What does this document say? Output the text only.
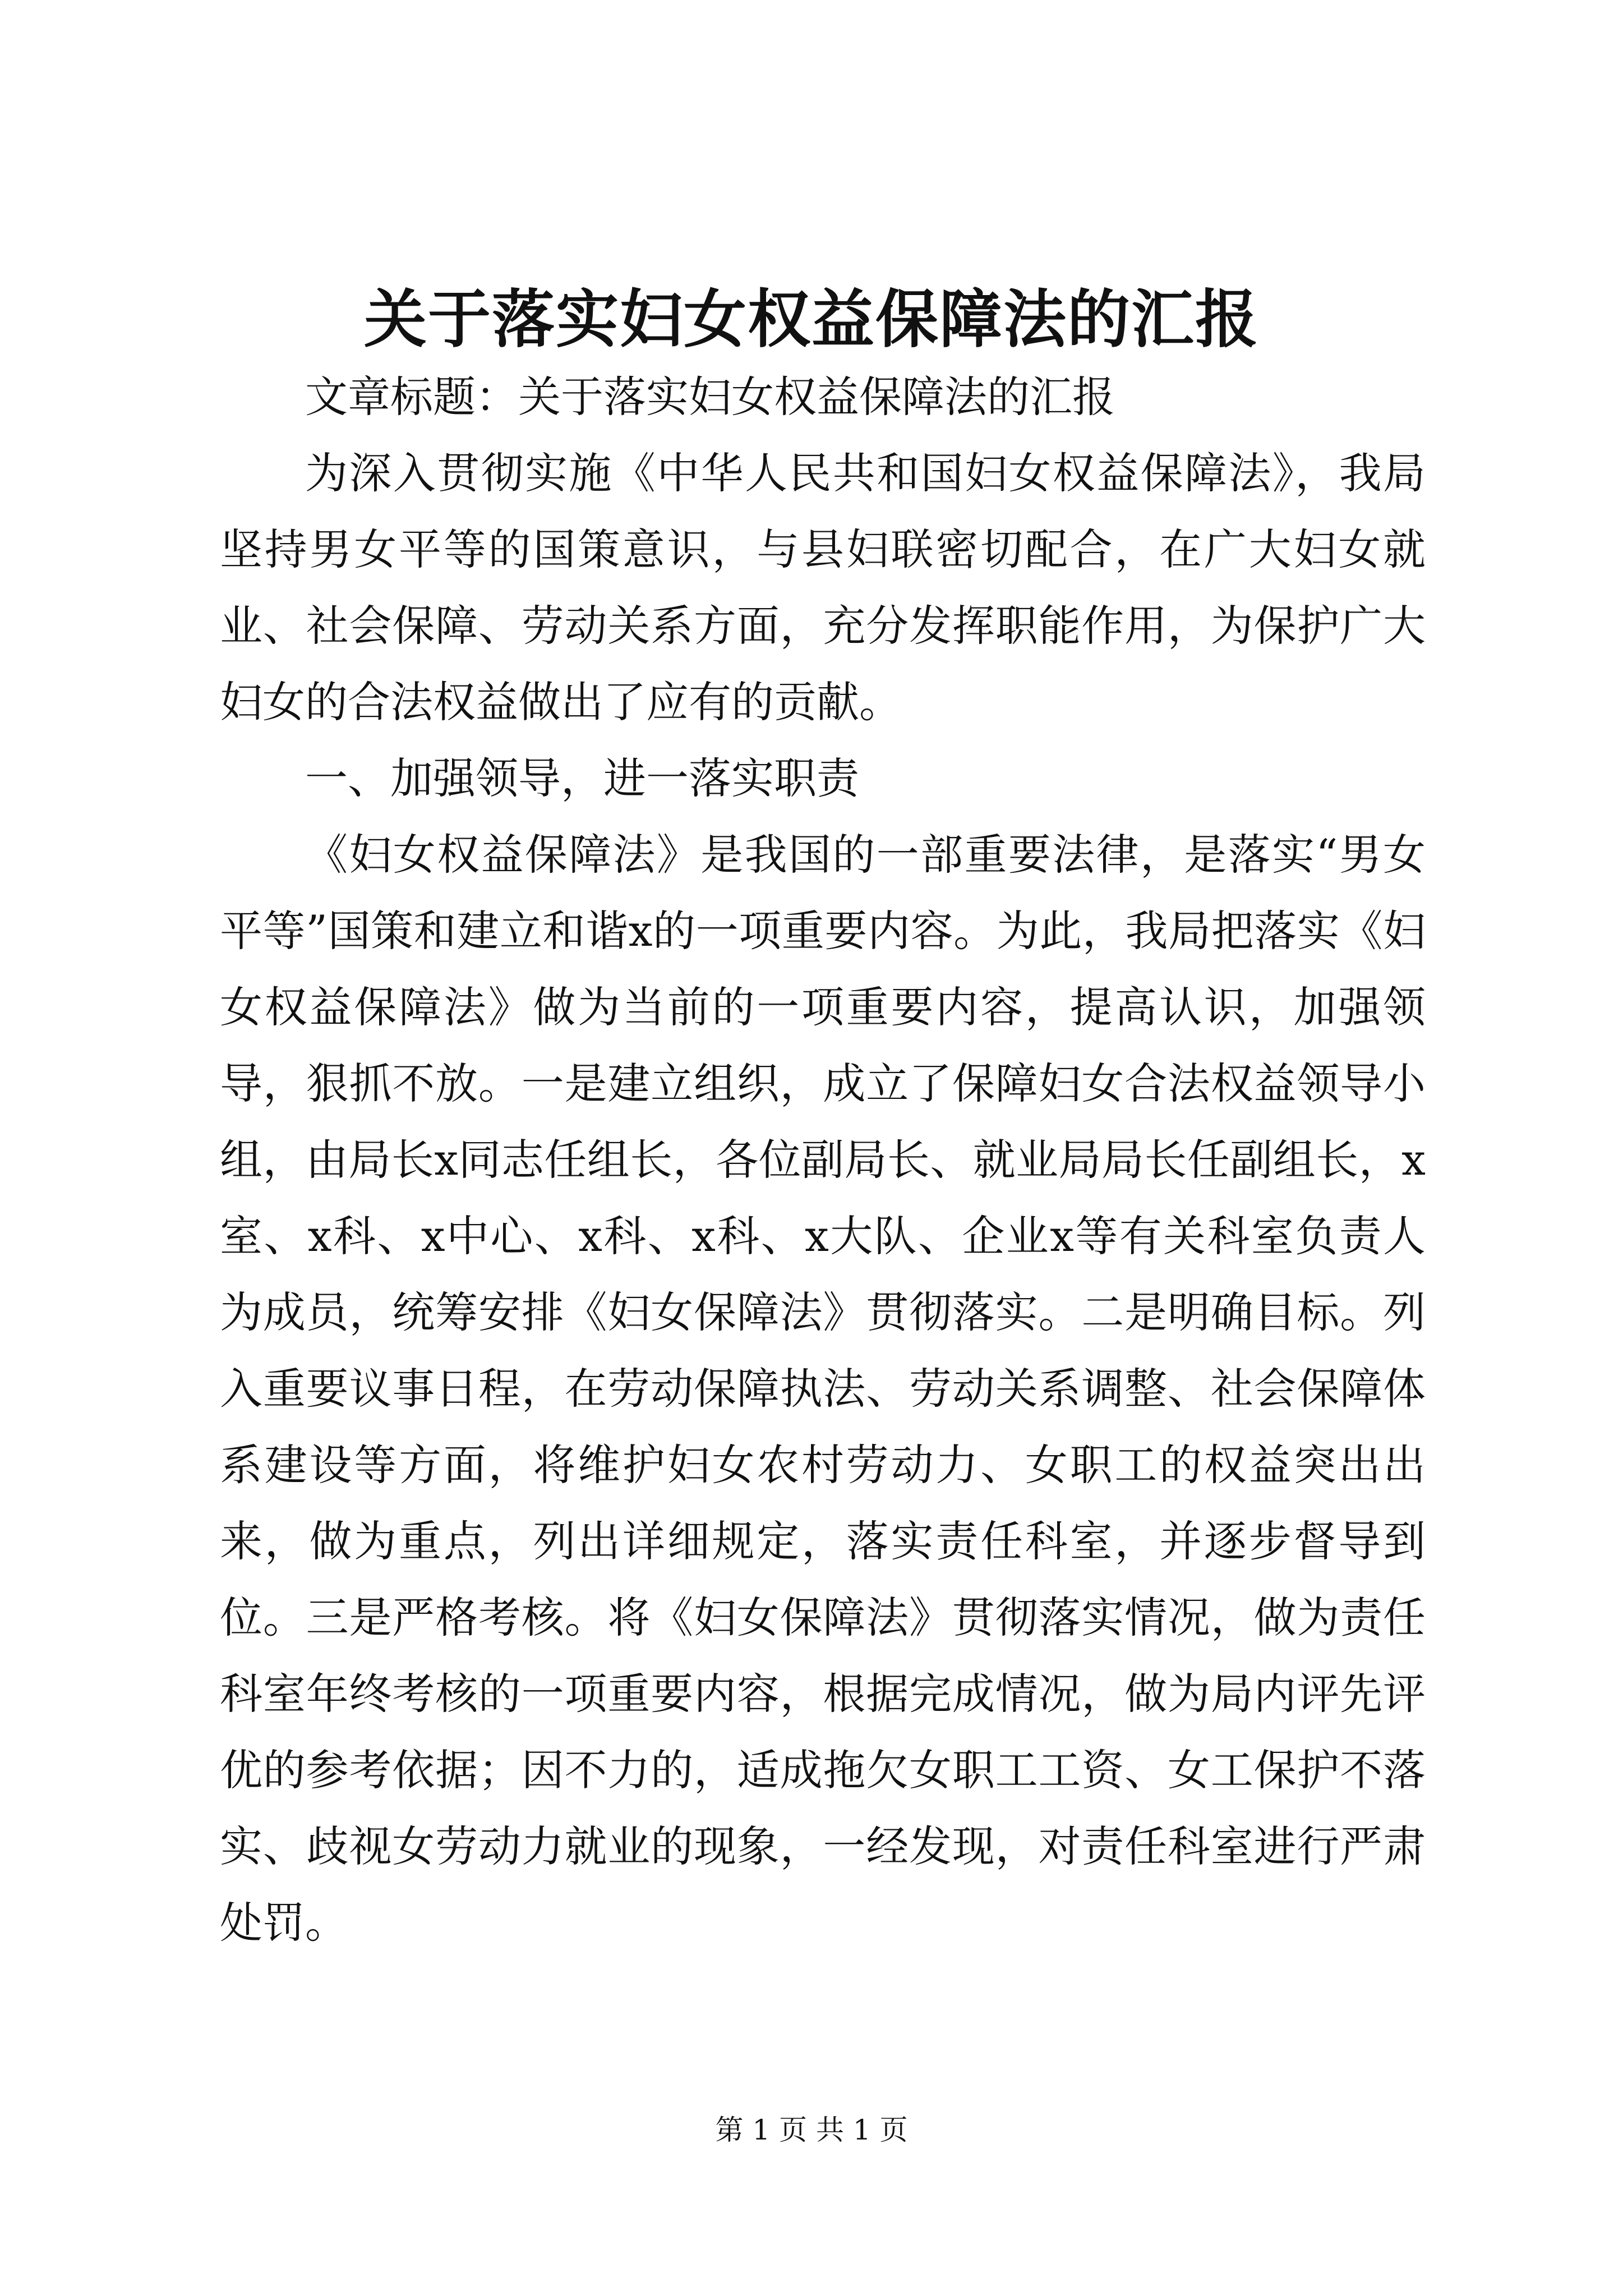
关于落实妇女权益保障法的汇报

文章标题：关于落实妇女权益保障法的汇报

为深入贯彻实施《中华人民共和国妇女权益保障法》，我局坚持男女平等的国策意识，与县妇联密切配合，在广大妇女就业、社会保障、劳动关系方面，充分发挥职能作用，为保护广大妇女的合法权益做出了应有的贡献。

一、加强领导，进一落实职责

《妇女权益保障法》是我国的一部重要法律，是落实“男女平等”国策和建立和谐x的一项重要内容。为此，我局把落实《妇女权益保障法》做为当前的一项重要内容，提高认识，加强领导，狠抓不放。一是建立组织，成立了保障妇女合法权益领导小组，由局长x同志任组长，各位副局长、就业局局长任副组长，x室、x科、x中心、x科、x科、x大队、企业x等有关科室负责人为成员，统筹安排《妇女保障法》贯彻落实。二是明确目标。列入重要议事日程，在劳动保障执法、劳动关系调整、社会保障体系建设等方面，将维护妇女农村劳动力、女职工的权益突出出来，做为重点，列出详细规定，落实责任科室，并逐步督导到位。三是严格考核。将《妇女保障法》贯彻落实情况，做为责任科室年终考核的一项重要内容，根据完成情况，做为局内评先评优的参考依据；因不力的，适成拖欠女职工工资、女工保护不落实、歧视女劳动力就业的现象，一经发现，对责任科室进行严肃处罚。

第 1 页 共 1 页
